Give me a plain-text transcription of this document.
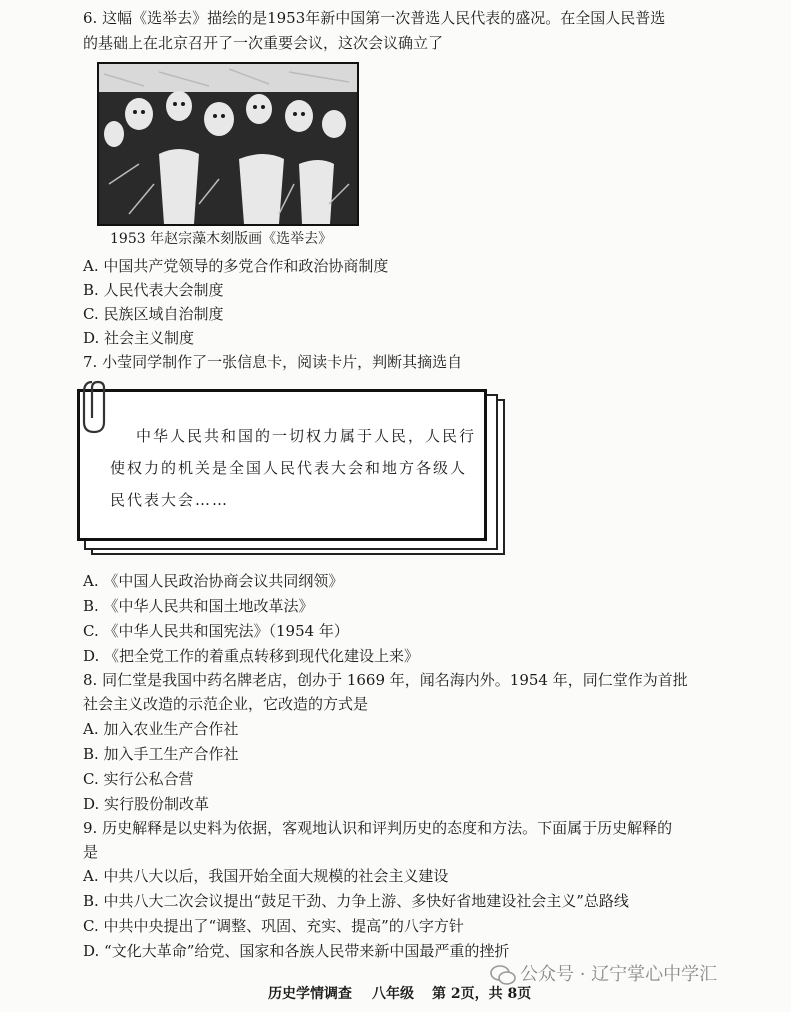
6. 这幅《选举去》描绘的是1953年新中国第一次普选人民代表的盛况。在全国人民普选
的基础上在北京召开了一次重要会议，这次会议确立了
1953 年赵宗藻木刻版画《选举去》
A. 中国共产党领导的多党合作和政治协商制度
B. 人民代表大会制度
C. 民族区域自治制度
D. 社会主义制度
7. 小莹同学制作了一张信息卡，阅读卡片，判断其摘选自
中华人民共和国的一切权力属于人民，人民行
使权力的机关是全国人民代表大会和地方各级人
民代表大会……
A. 《中国人民政治协商会议共同纲领》
B. 《中华人民共和国土地改革法》
C. 《中华人民共和国宪法》（1954 年）
D. 《把全党工作的着重点转移到现代化建设上来》
8. 同仁堂是我国中药名牌老店，创办于 1669 年，闻名海内外。1954 年，同仁堂作为首批
社会主义改造的示范企业，它改造的方式是
A. 加入农业生产合作社
B. 加入手工生产合作社
C. 实行公私合营
D. 实行股份制改革
9. 历史解释是以史料为依据，客观地认识和评判历史的态度和方法。下面属于历史解释的
是
A. 中共八大以后，我国开始全面大规模的社会主义建设
B. 中共八大二次会议提出“鼓足干劲、力争上游、多快好省地建设社会主义”总路线
C. 中共中央提出了“调整、巩固、充实、提高”的八字方针
D. “文化大革命”给党、国家和各族人民带来新中国最严重的挫折
历史学情调查 八年级 第 2页，共 8页
公众号 · 辽宁掌心中学汇
